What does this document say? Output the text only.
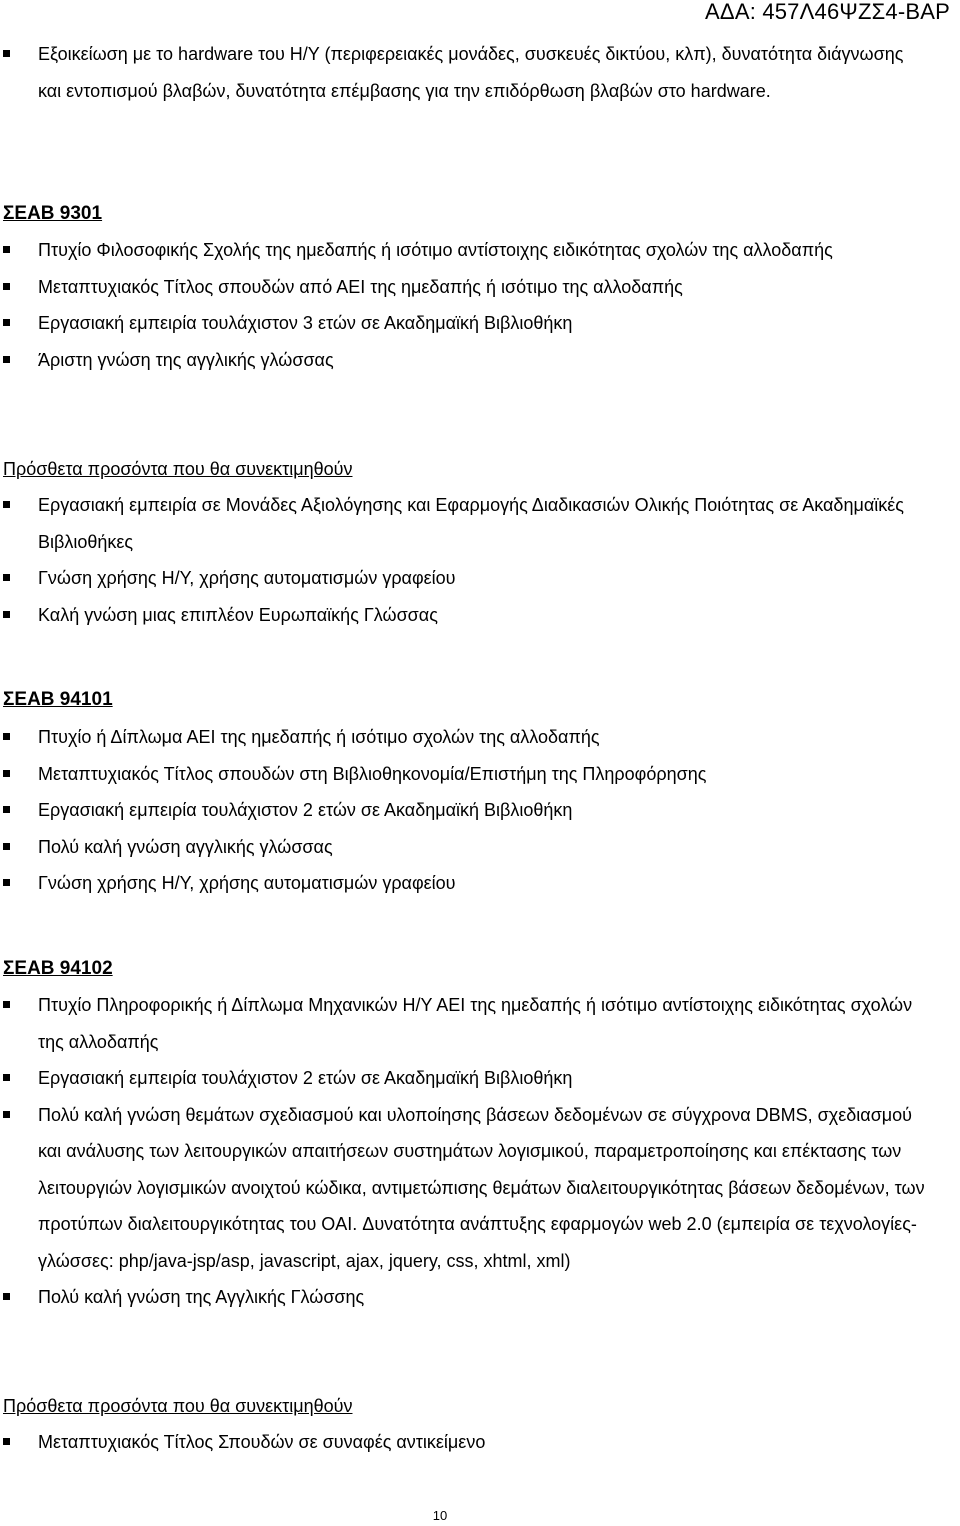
ΑΔΑ: 457Λ46ΨΖΣ4-ΒΑΡ
Εξοικείωση με το hardware του Η/Υ (περιφερειακές μονάδες, συσκευές δικτύου, κλπ), δυνατότητα διάγνωσης και εντοπισμού βλαβών, δυνατότητα επέμβασης για την επιδόρθωση βλαβών στο hardware.
ΣΕΑΒ 9301
Πτυχίο Φιλοσοφικής Σχολής της ημεδαπής ή ισότιμο αντίστοιχης ειδικότητας σχολών της αλλοδαπής
Μεταπτυχιακός Τίτλος σπουδών από ΑΕΙ της ημεδαπής ή ισότιμο της αλλοδαπής
Εργασιακή εμπειρία τουλάχιστον 3 ετών σε Ακαδημαϊκή Βιβλιοθήκη
Άριστη γνώση της αγγλικής γλώσσας
Πρόσθετα προσόντα που θα συνεκτιμηθούν
Εργασιακή εμπειρία σε Μονάδες Αξιολόγησης και Εφαρμογής Διαδικασιών Ολικής Ποιότητας σε Ακαδημαϊκές Βιβλιοθήκες
Γνώση χρήσης Η/Υ, χρήσης αυτοματισμών γραφείου
Καλή γνώση μιας επιπλέον Ευρωπαϊκής Γλώσσας
ΣΕΑΒ 94101
Πτυχίο ή Δίπλωμα ΑΕΙ της ημεδαπής ή ισότιμο σχολών της αλλοδαπής
Μεταπτυχιακός Τίτλος σπουδών στη Βιβλιοθηκονομία/Επιστήμη της Πληροφόρησης
Εργασιακή εμπειρία τουλάχιστον 2 ετών σε Ακαδημαϊκή Βιβλιοθήκη
Πολύ καλή γνώση αγγλικής γλώσσας
Γνώση χρήσης Η/Υ, χρήσης αυτοματισμών γραφείου
ΣΕΑΒ 94102
Πτυχίο Πληροφορικής ή Δίπλωμα Μηχανικών Η/Υ ΑΕΙ της ημεδαπής ή ισότιμο αντίστοιχης ειδικότητας σχολών της αλλοδαπής
Εργασιακή εμπειρία τουλάχιστον 2 ετών σε Ακαδημαϊκή Βιβλιοθήκη
Πολύ καλή γνώση θεμάτων σχεδιασμού και υλοποίησης βάσεων δεδομένων σε σύγχρονα DBMS, σχεδιασμού και ανάλυσης των λειτουργικών απαιτήσεων συστημάτων λογισμικού, παραμετροποίησης και επέκτασης των λειτουργιών λογισμικών ανοιχτού κώδικα, αντιμετώπισης θεμάτων διαλειτουργικότητας βάσεων δεδομένων, των προτύπων διαλειτουργικότητας του OAI. Δυνατότητα ανάπτυξης εφαρμογών web 2.0 (εμπειρία σε τεχνολογίες- γλώσσες: php/java-jsp/asp, javascript, ajax, jquery, css, xhtml, xml)
Πολύ καλή γνώση της Αγγλικής Γλώσσης
Πρόσθετα προσόντα που θα συνεκτιμηθούν
Μεταπτυχιακός Τίτλος Σπουδών σε συναφές αντικείμενο
10
